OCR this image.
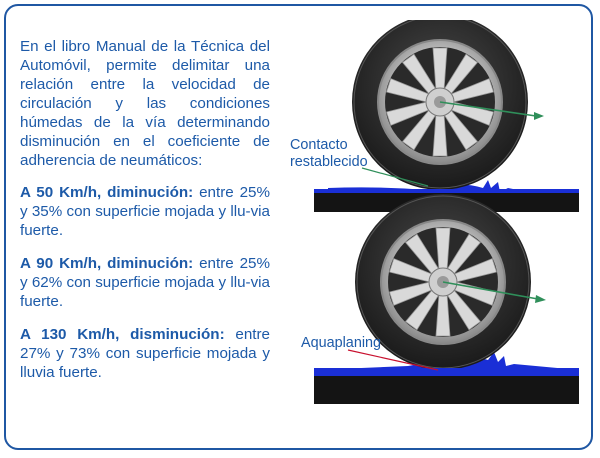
En el libro Manual de la Técnica del Automóvil, permite delimitar una relación entre la velocidad de circulación y las condiciones húmedas de la vía determinando disminución en el coeficiente de adherencia de neumáticos:

A 50 Km/h, diminución: entre 25% y 35% con superficie mojada y llu-via fuerte.

A 90 Km/h, diminución: entre 25% y 62% con superficie mojada y llu-via fuerte.

A 130 Km/h, disminución: entre 27% y 73% con superficie mojada y lluvia fuerte.

Contacto
restablecido
Aquaplaning
